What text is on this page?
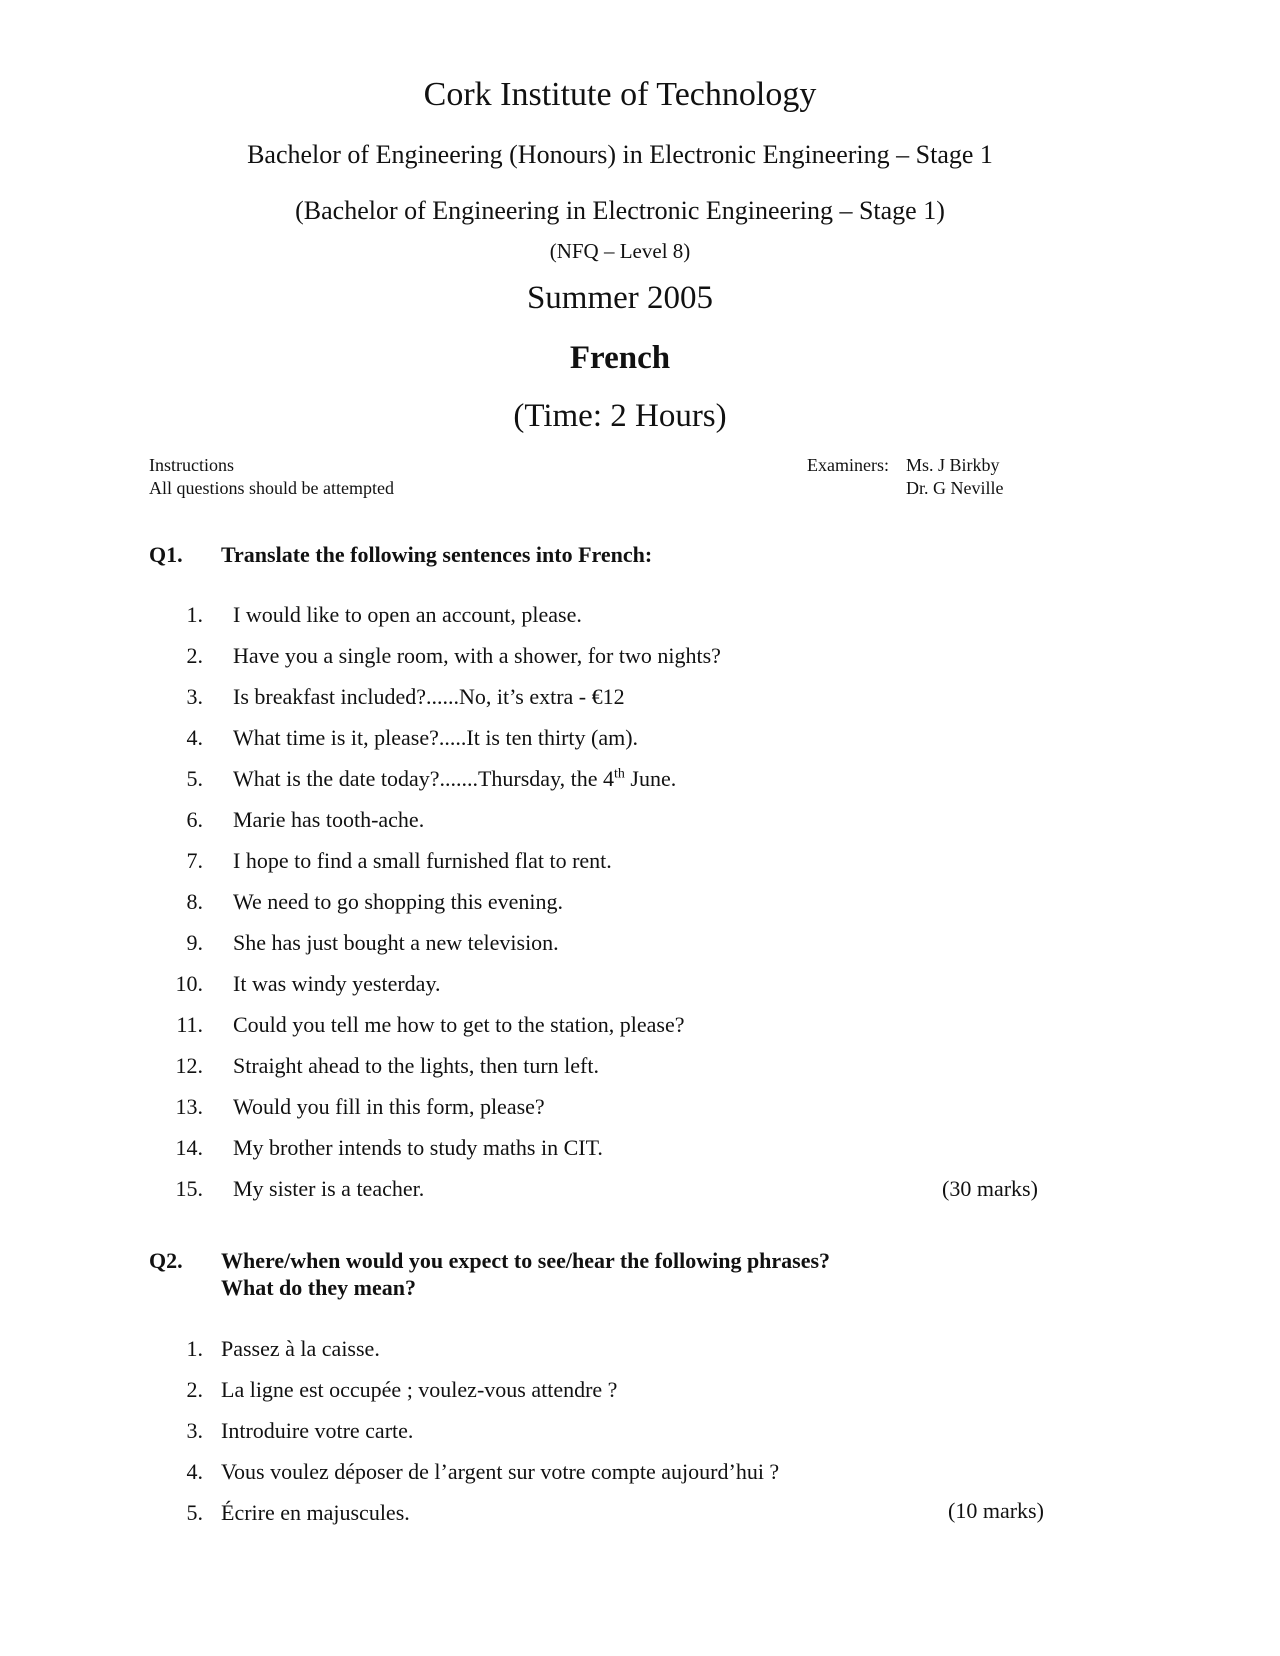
Cork Institute of Technology
Bachelor of Engineering (Honours) in Electronic Engineering – Stage 1
(Bachelor of Engineering in Electronic Engineering – Stage 1)
(NFQ – Level 8)
Summer 2005
French
(Time: 2 Hours)
Instructions
All questions should be attempted
Examiners: Ms. J Birkby
Dr. G Neville
Q1. Translate the following sentences into French:
1. I would like to open an account, please.
2. Have you a single room, with a shower, for two nights?
3. Is breakfast included?......No, it’s extra - €12
4. What time is it, please?.....It is ten thirty (am).
5. What is the date today?.......Thursday, the 4th June.
6. Marie has tooth-ache.
7. I hope to find a small furnished flat to rent.
8. We need to go shopping this evening.
9. She has just bought a new television.
10. It was windy yesterday.
11. Could you tell me how to get to the station, please?
12. Straight ahead to the lights, then turn left.
13. Would you fill in this form, please?
14. My brother intends to study maths in CIT.
15. My sister is a teacher.	(30 marks)
Q2. Where/when would you expect to see/hear the following phrases?
What do they mean?
1. Passez à la caisse.
2. La ligne est occupée ; voulez-vous attendre ?
3. Introduire votre carte.
4. Vous voulez déposer de l’argent sur votre compte aujourd’hui ?
5. Écrire en majuscules.	(10 marks)
